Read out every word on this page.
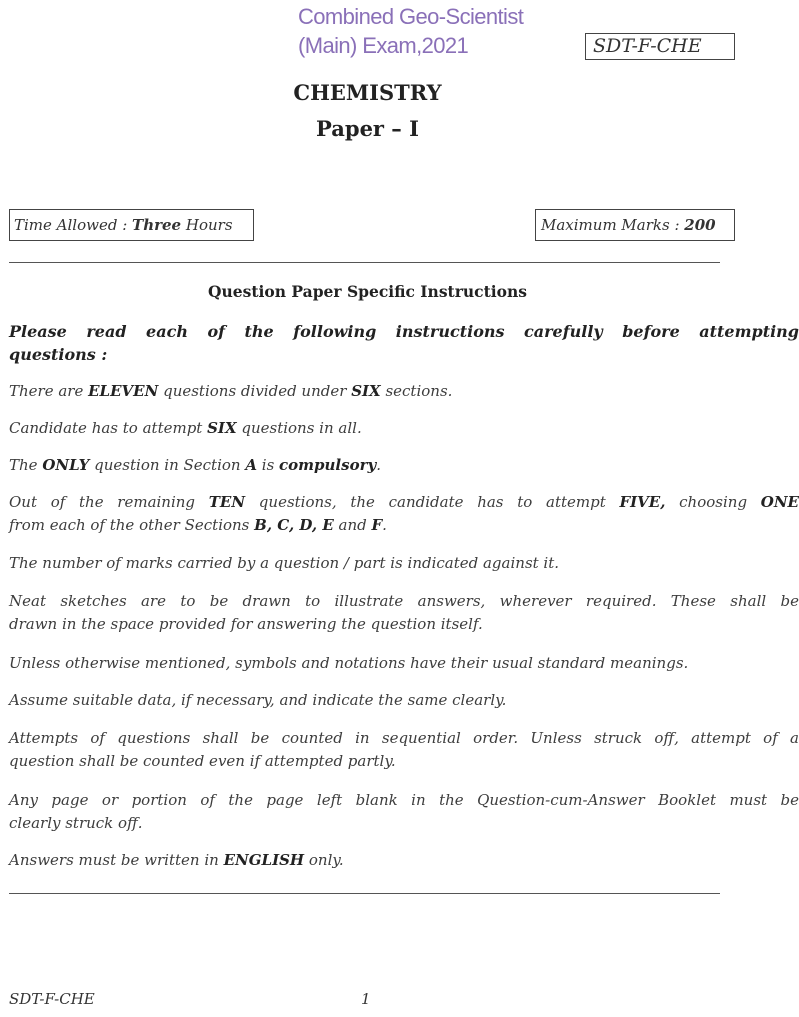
Combined Geo-Scientist
(Main) Exam,2021	SDT-F-CHE
CHEMISTRY
Paper – I
Time Allowed : Three Hours	Maximum Marks : 200
Question Paper Specific Instructions
Please read each of the following instructions carefully before attempting
questions :
There are ELEVEN questions divided under SIX sections.
Candidate has to attempt SIX questions in all.
The ONLY question in Section A is compulsory.
Out of the remaining TEN questions, the candidate has to attempt FIVE, choosing ONE
from each of the other Sections B, C, D, E and F.
The number of marks carried by a question / part is indicated against it.
Neat sketches are to be drawn to illustrate answers, wherever required. These shall be
drawn in the space provided for answering the question itself.
Unless otherwise mentioned, symbols and notations have their usual standard meanings.
Assume suitable data, if necessary, and indicate the same clearly.
Attempts of questions shall be counted in sequential order. Unless struck off, attempt of a
question shall be counted even if attempted partly.
Any page or portion of the page left blank in the Question-cum-Answer Booklet must be
clearly struck off.
Answers must be written in ENGLISH only.
SDT-F-CHE	1
